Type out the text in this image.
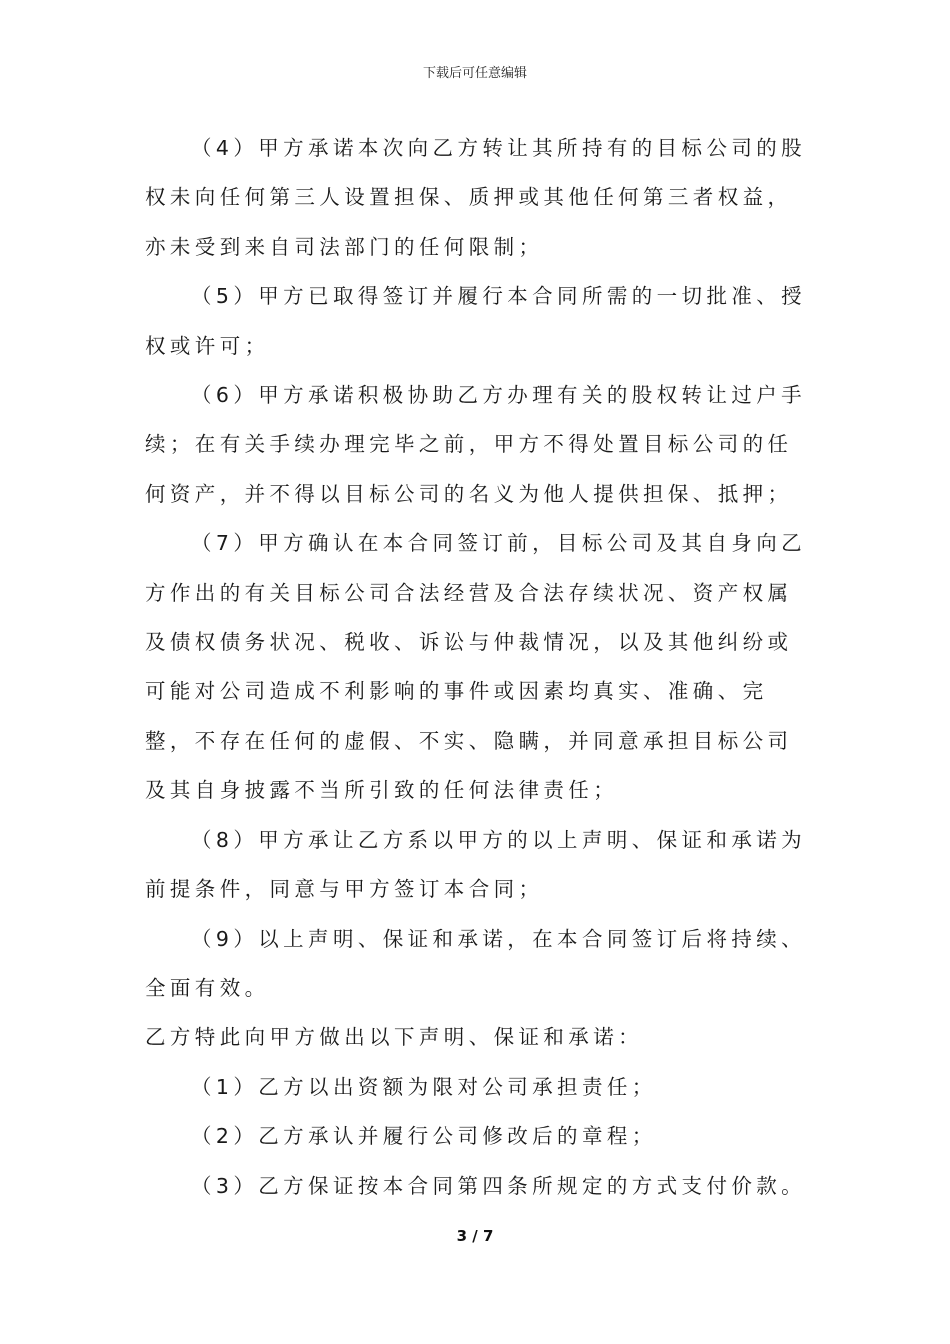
下载后可任意编辑

（4）甲方承诺本次向乙方转让其所持有的目标公司的股权未向任何第三人设置担保、质押或其他任何第三者权益，亦未受到来自司法部门的任何限制；

（5）甲方已取得签订并履行本合同所需的一切批准、授权或许可；

（6）甲方承诺积极协助乙方办理有关的股权转让过户手续；在有关手续办理完毕之前，甲方不得处置目标公司的任何资产，并不得以目标公司的名义为他人提供担保、抵押；

（7）甲方确认在本合同签订前，目标公司及其自身向乙方作出的有关目标公司合法经营及合法存续状况、资产权属及债权债务状况、税收、诉讼与仲裁情况，以及其他纠纷或可能对公司造成不利影响的事件或因素均真实、准确、完整，不存在任何的虚假、不实、隐瞒，并同意承担目标公司及其自身披露不当所引致的任何法律责任；

（8）甲方承让乙方系以甲方的以上声明、保证和承诺为前提条件，同意与甲方签订本合同；

（9）以上声明、保证和承诺，在本合同签订后将持续、全面有效。

乙方特此向甲方做出以下声明、保证和承诺：

（1）乙方以出资额为限对公司承担责任；

（2）乙方承认并履行公司修改后的章程；

（3）乙方保证按本合同第四条所规定的方式支付价款。

3 / 7
